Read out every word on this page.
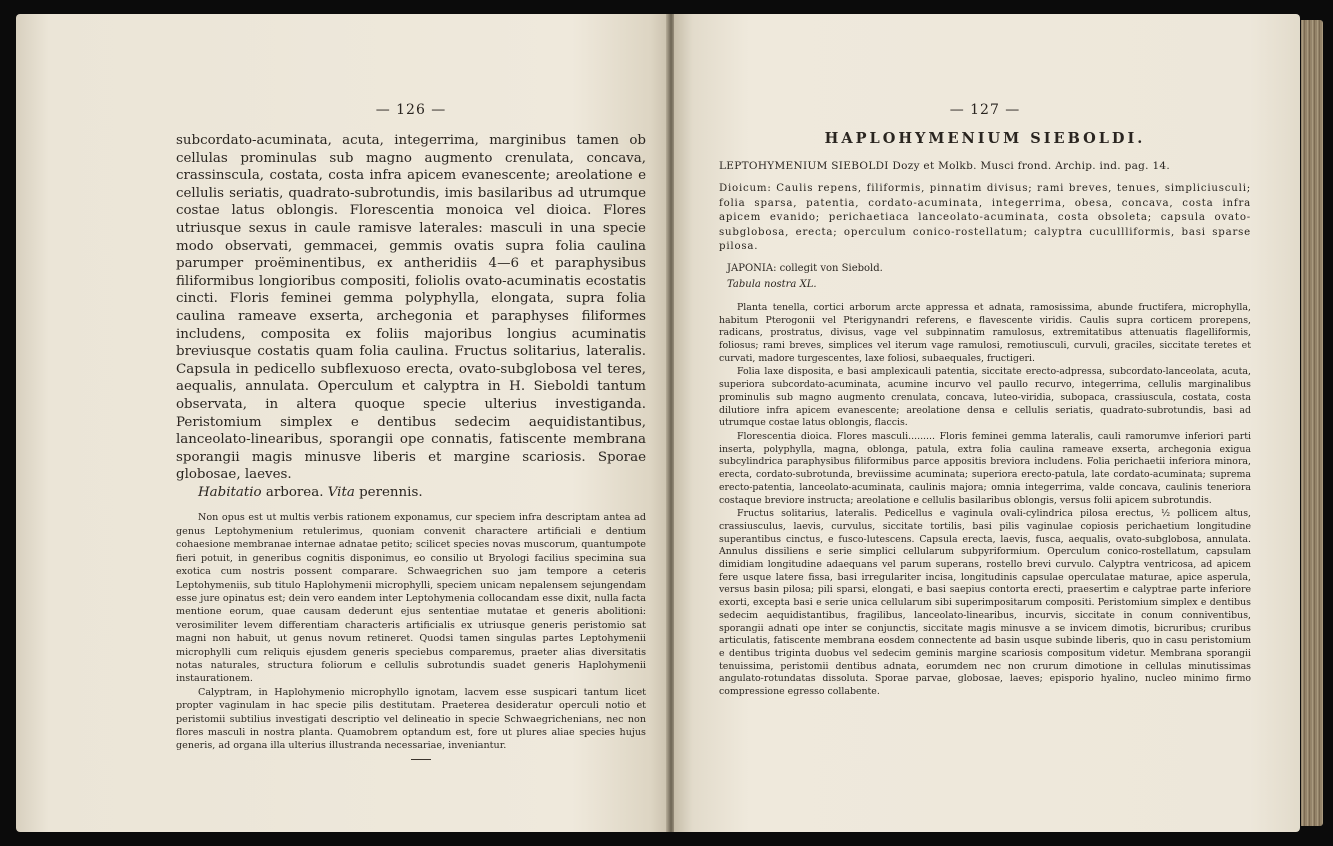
— 126 —

subcordato-acuminata, acuta, integerrima, marginibus tamen ob cellulas prominulas sub magno augmento crenulata, concava, crassinscula, costata, costa infra apicem evanescente; areolatione e cellulis seriatis, quadrato-subrotundis, imis basilaribus ad utrumque costae latus oblongis. Florescentia monoica vel dioica. Flores utriusque sexus in caule ramisve laterales: masculi in una specie modo observati, gemmacei, gemmis ovatis supra folia caulina parumper proëminentibus, ex antheridiis 4—6 et paraphysibus filiformibus longioribus compositi, foliolis ovato-acuminatis ecostatis cincti. Floris feminei gemma polyphylla, elongata, supra folia caulina rameave exserta, archegonia et paraphyses filiformes includens, composita ex foliis majoribus longius acuminatis breviusque costatis quam folia caulina. Fructus solitarius, lateralis. Capsula in pedicello subflexuoso erecta, ovato-subglobosa vel teres, aequalis, annulata. Operculum et calyptra in H. Sieboldi tantum observata, in altera quoque specie ulterius investiganda. Peristomium simplex e dentibus sedecim aequidistantibus, lanceolato-linearibus, sporangii ope connatis, fatiscente membrana sporangii magis minusve liberis et margine scariosis. Sporae globosae, laeves.

Habitatio arborea. Vita perennis.

Non opus est ut multis verbis rationem exponamus, cur speciem infra descriptam antea ad genus Leptohymenium retulerimus, quoniam convenit charactere artificiali e dentium cohaesione membranae internae adnatae petito; scilicet species novas muscorum, quantumpote fieri potuit, in generibus cognitis disponimus, eo consilio ut Bryologi facilius specimina sua exotica cum nostris possent comparare. Schwaegrichen suo jam tempore a ceteris Leptohymeniis, sub titulo Haplohymenii microphylli, speciem unicam nepalensem sejungendam esse jure opinatus est; dein vero eandem inter Leptohymenia collocandam esse dixit, nulla facta mentione eorum, quae causam dederunt ejus sententiae mutatae et generis abolitioni: verosimiliter levem differentiam characteris artificialis ex utriusque generis peristomio sat magni non habuit, ut genus novum retineret. Quodsi tamen singulas partes Leptohymenii microphylli cum reliquis ejusdem generis speciebus comparemus, praeter alias diversitatis notas naturales, structura foliorum e cellulis subrotundis suadet generis Haplohymenii instaurationem.

Calyptram, in Haplohymenio microphyllo ignotam, lacvem esse suspicari tantum licet propter vaginulam in hac specie pilis destitutam. Praeterea desideratur operculi notio et peristomii subtilius investigati descriptio vel delineatio in specie Schwaegrichenians, nec non flores masculi in nostra planta. Quamobrem optandum est, fore ut plures aliae species hujus generis, ad organa illa ulterius illustranda necessariae, inveniantur.

— 127 —
HAPLOHYMENIUM SIEBOLDI.

LEPTOHYMENIUM SIEBOLDI Dozy et Molkb. Musci frond. Archip. ind. pag. 14.

Dioicum: Caulis repens, filiformis, pinnatim divisus; rami breves, tenues, simpliciusculi; folia sparsa, patentia, cordato-acuminata, integerrima, obesa, concava, costa infra apicem evanido; perichaetiaca lanceolato-acuminata, costa obsoleta; capsula ovato-subglobosa, erecta; operculum conico-rostellatum; calyptra cucullliformis, basi sparse pilosa.

JAPONIA: collegit von Siebold.

Tabula nostra XL.

Planta tenella, cortici arborum arcte appressa et adnata, ramosissima, abunde fructifera, microphylla, habitum Pterogonii vel Pterigynandri referens, e flavescente viridis. Caulis supra corticem prorepens, radicans, prostratus, divisus, vage vel subpinnatim ramulosus, extremitatibus attenuatis flagelliformis, foliosus; rami breves, simplices vel iterum vage ramulosi, remotiusculi, curvuli, graciles, siccitate teretes et curvati, madore turgescentes, laxe foliosi, subaequales, fructigeri.

Folia laxe disposita, e basi amplexicauli patentia, siccitate erecto-adpressa, subcordato-lanceolata, acuta, superiora subcordato-acuminata, acumine incurvo vel paullo recurvo, integerrima, cellulis marginalibus prominulis sub magno augmento crenulata, concava, luteo-viridia, subopaca, crassiuscula, costata, costa dilutiore infra apicem evanescente; areolatione densa e cellulis seriatis, quadrato-subrotundis, basi ad utrumque costae latus oblongis, flaccis.

Florescentia dioica. Flores masculi......... Floris feminei gemma lateralis, cauli ramorumve inferiori parti inserta, polyphylla, magna, oblonga, patula, extra folia caulina rameave exserta, archegonia exigua subcylindrica paraphysibus filiformibus parce appositis breviora includens. Folia perichaetii inferiora minora, erecta, cordato-subrotunda, breviissime acuminata; superiora erecto-patula, late cordato-acuminata; suprema erecto-patentia, lanceolato-acuminata, caulinis majora; omnia integerrima, valde concava, caulinis teneriora costaque breviore instructa; areolatione e cellulis basilaribus oblongis, versus folii apicem subrotundis.

Fructus solitarius, lateralis. Pedicellus e vaginula ovali-cylindrica pilosa erectus, ½ pollicem altus, crassiusculus, laevis, curvulus, siccitate tortilis, basi pilis vaginulae copiosis perichaetium longitudine superantibus cinctus, e fusco-lutescens. Capsula erecta, laevis, fusca, aequalis, ovato-subglobosa, annulata. Annulus dissiliens e serie simplici cellularum subpyriformium. Operculum conico-rostellatum, capsulam dimidiam longitudine adaequans vel parum superans, rostello brevi curvulo. Calyptra ventricosa, ad apicem fere usque latere fissa, basi irregulariter incisa, longitudinis capsulae operculatae maturae, apice asperula, versus basin pilosa; pili sparsi, elongati, e basi saepius contorta erecti, praesertim e calyptrae parte inferiore exorti, excepta basi e serie unica cellularum sibi superimpositarum compositi. Peristomium simplex e dentibus sedecim aequidistantibus, fragilibus, lanceolato-linearibus, incurvis, siccitate in conum conniventibus, sporangii adnati ope inter se conjunctis, siccitate magis minusve a se invicem dimotis, bicruribus; cruribus articulatis, fatiscente membrana eosdem connectente ad basin usque subinde liberis, quo in casu peristomium e dentibus triginta duobus vel sedecim geminis margine scariosis compositum videtur. Membrana sporangii tenuissima, peristomii dentibus adnata, eorumdem nec non crurum dimotione in cellulas minutissimas angulato-rotundatas dissoluta. Sporae parvae, globosae, laeves; episporio hyalino, nucleo minimo firmo compressione egresso collabente.
